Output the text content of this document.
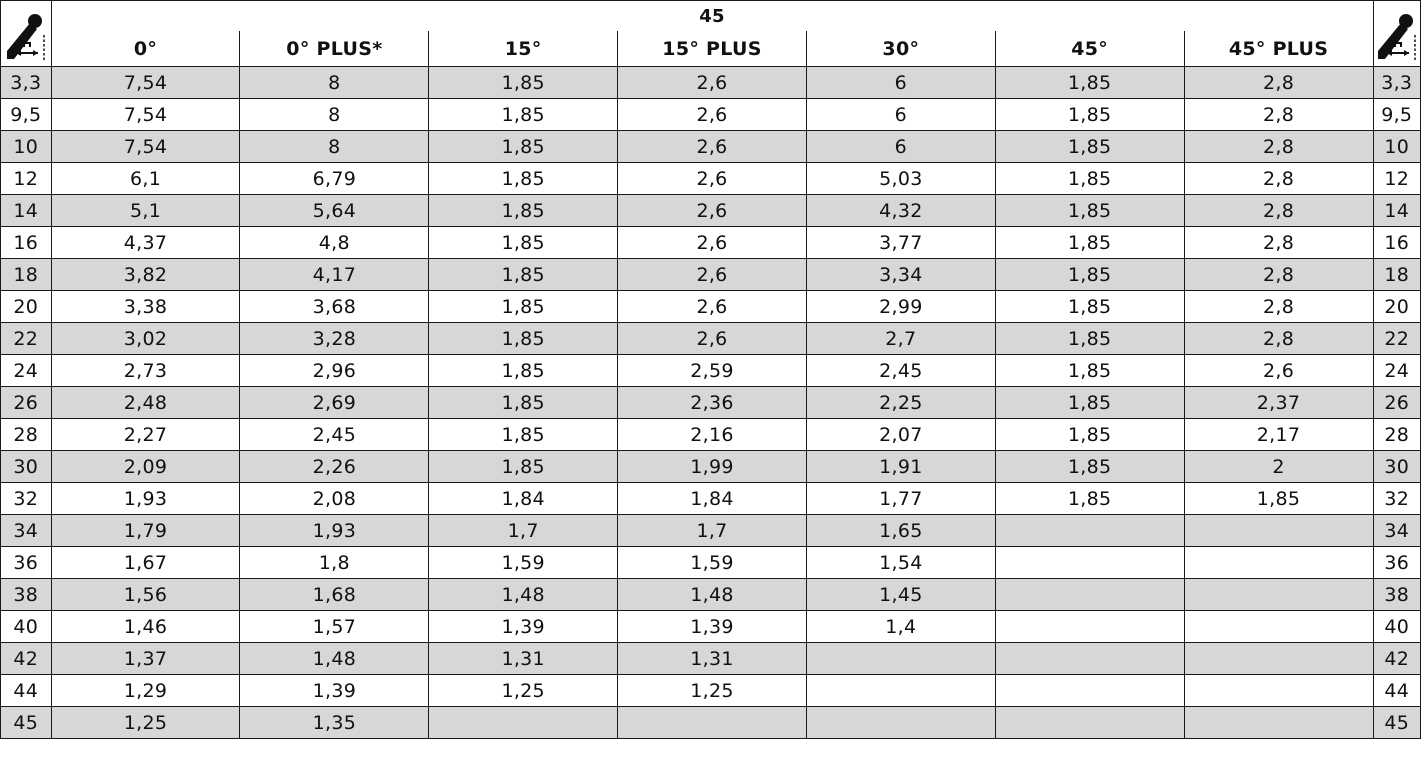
	45	

	0°	0° PLUS*	15°	15° PLUS	30°	45°	45° PLUS	
3,3	7,54	8	1,85	2,6	6	1,85	2,8	3,3
9,5	7,54	8	1,85	2,6	6	1,85	2,8	9,5
10	7,54	8	1,85	2,6	6	1,85	2,8	10
12	6,1	6,79	1,85	2,6	5,03	1,85	2,8	12
14	5,1	5,64	1,85	2,6	4,32	1,85	2,8	14
16	4,37	4,8	1,85	2,6	3,77	1,85	2,8	16
18	3,82	4,17	1,85	2,6	3,34	1,85	2,8	18
20	3,38	3,68	1,85	2,6	2,99	1,85	2,8	20
22	3,02	3,28	1,85	2,6	2,7	1,85	2,8	22
24	2,73	2,96	1,85	2,59	2,45	1,85	2,6	24
26	2,48	2,69	1,85	2,36	2,25	1,85	2,37	26
28	2,27	2,45	1,85	2,16	2,07	1,85	2,17	28
30	2,09	2,26	1,85	1,99	1,91	1,85	2	30
32	1,93	2,08	1,84	1,84	1,77	1,85	1,85	32
34	1,79	1,93	1,7	1,7	1,65			34
36	1,67	1,8	1,59	1,59	1,54			36
38	1,56	1,68	1,48	1,48	1,45			38
40	1,46	1,57	1,39	1,39	1,4			40
42	1,37	1,48	1,31	1,31				42
44	1,29	1,39	1,25	1,25				44
45	1,25	1,35						45
